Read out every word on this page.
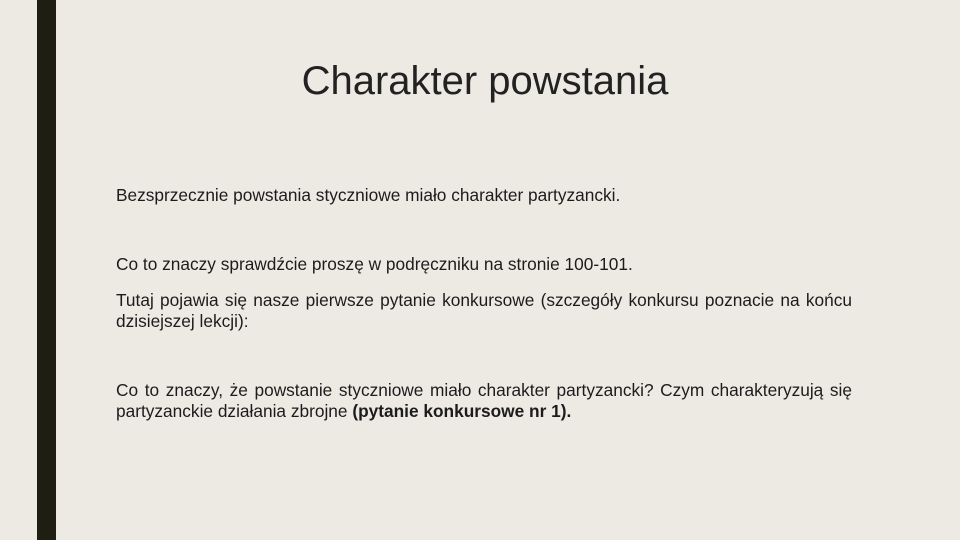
Charakter powstania

Bezsprzecznie powstania styczniowe miało charakter partyzancki.

Co to znaczy sprawdźcie proszę w podręczniku na stronie 100-101.

Tutaj pojawia się nasze pierwsze pytanie konkursowe (szczegóły konkursu poznacie na końcu dzisiejszej lekcji):

Co to znaczy, że powstanie styczniowe miało charakter partyzancki? Czym charakteryzują się partyzanckie działania zbrojne (pytanie konkursowe nr 1).
